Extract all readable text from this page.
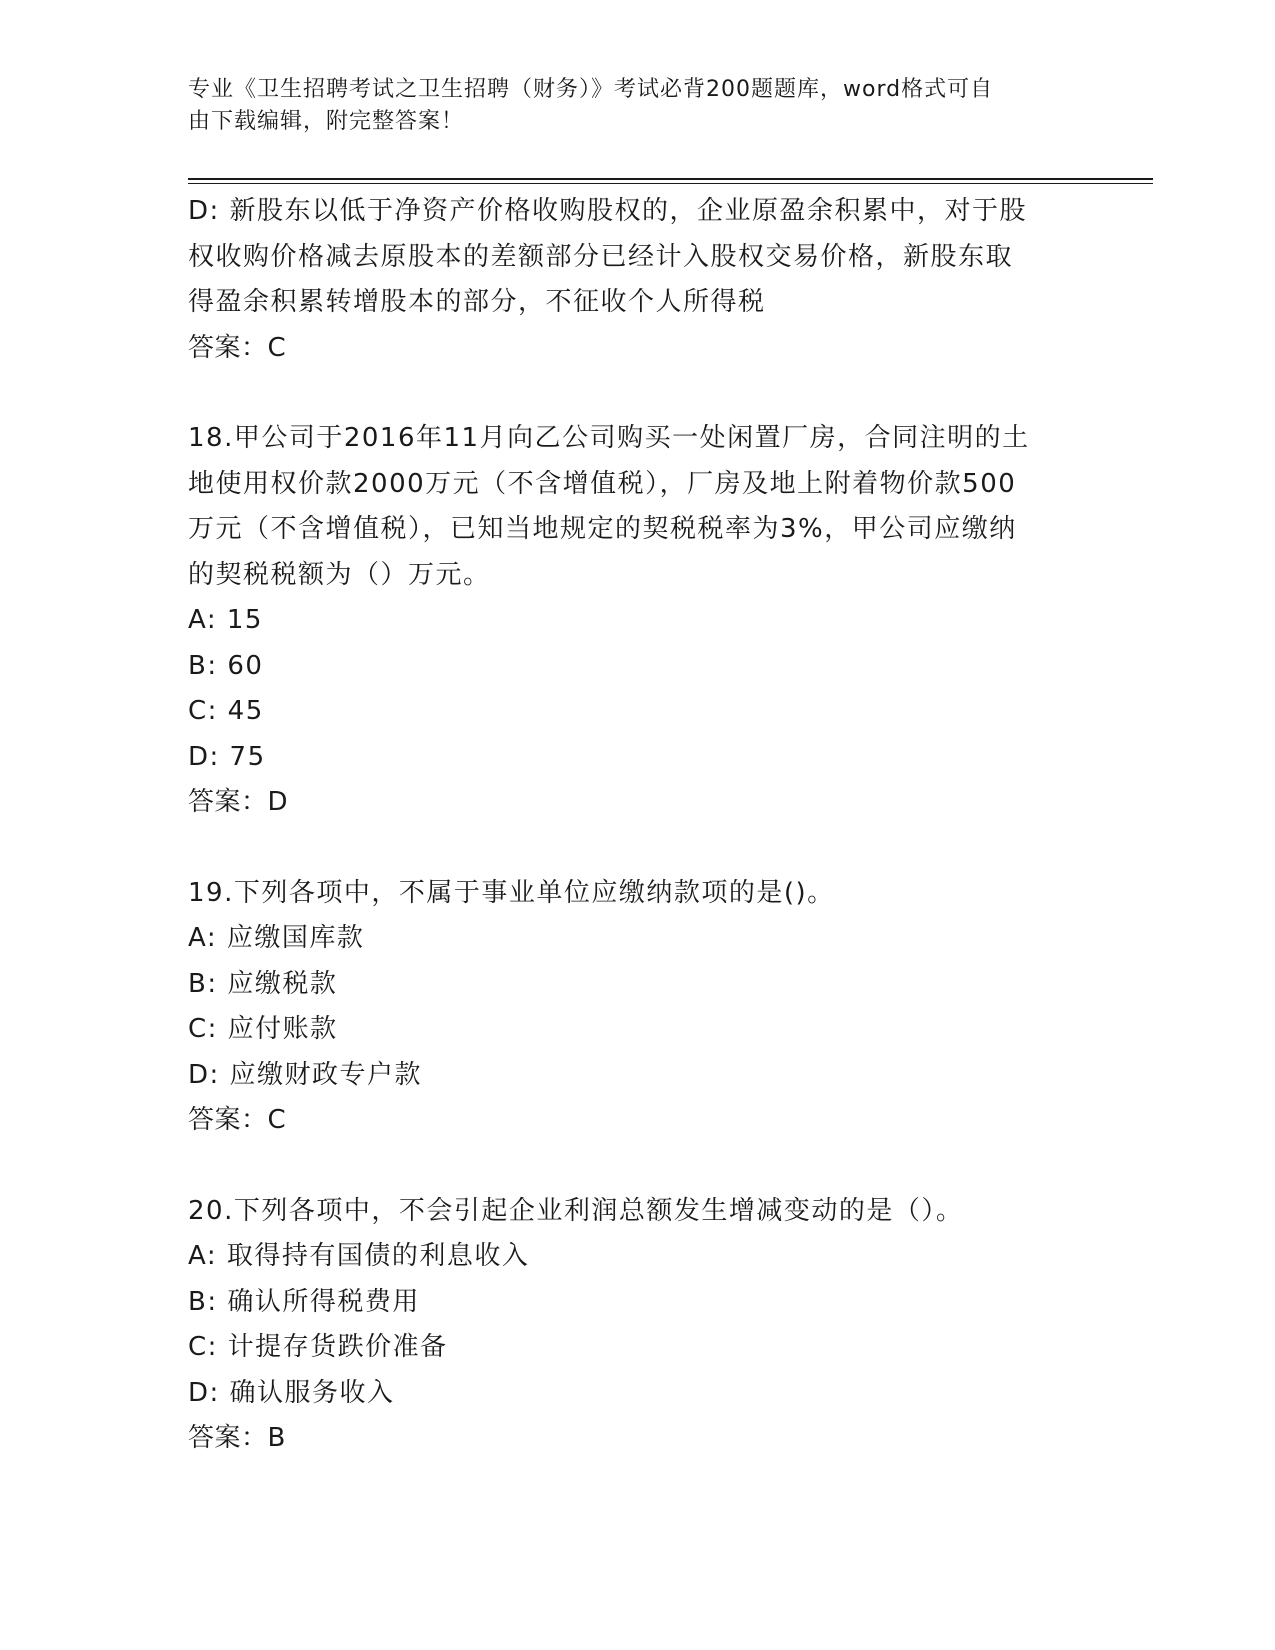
专业《卫生招聘考试之卫生招聘（财务）》考试必背200题题库，word格式可自
由下载编辑，附完整答案！
D: 新股东以低于净资产价格收购股权的，企业原盈余积累中，对于股
权收购价格减去原股本的差额部分已经计入股权交易价格，新股东取
得盈余积累转增股本的部分，不征收个人所得税
答案：C
18.甲公司于2016年11月向乙公司购买一处闲置厂房，合同注明的土
地使用权价款2000万元（不含增值税），厂房及地上附着物价款500
万元（不含增值税），已知当地规定的契税税率为3%，甲公司应缴纳
的契税税额为（）万元。
A: 15
B: 60
C: 45
D: 75
答案：D
19.下列各项中，不属于事业单位应缴纳款项的是()。
A: 应缴国库款
B: 应缴税款
C: 应付账款
D: 应缴财政专户款
答案：C
20.下列各项中，不会引起企业利润总额发生增减变动的是（）。
A: 取得持有国债的利息收入
B: 确认所得税费用
C: 计提存货跌价准备
D: 确认服务收入
答案：B
